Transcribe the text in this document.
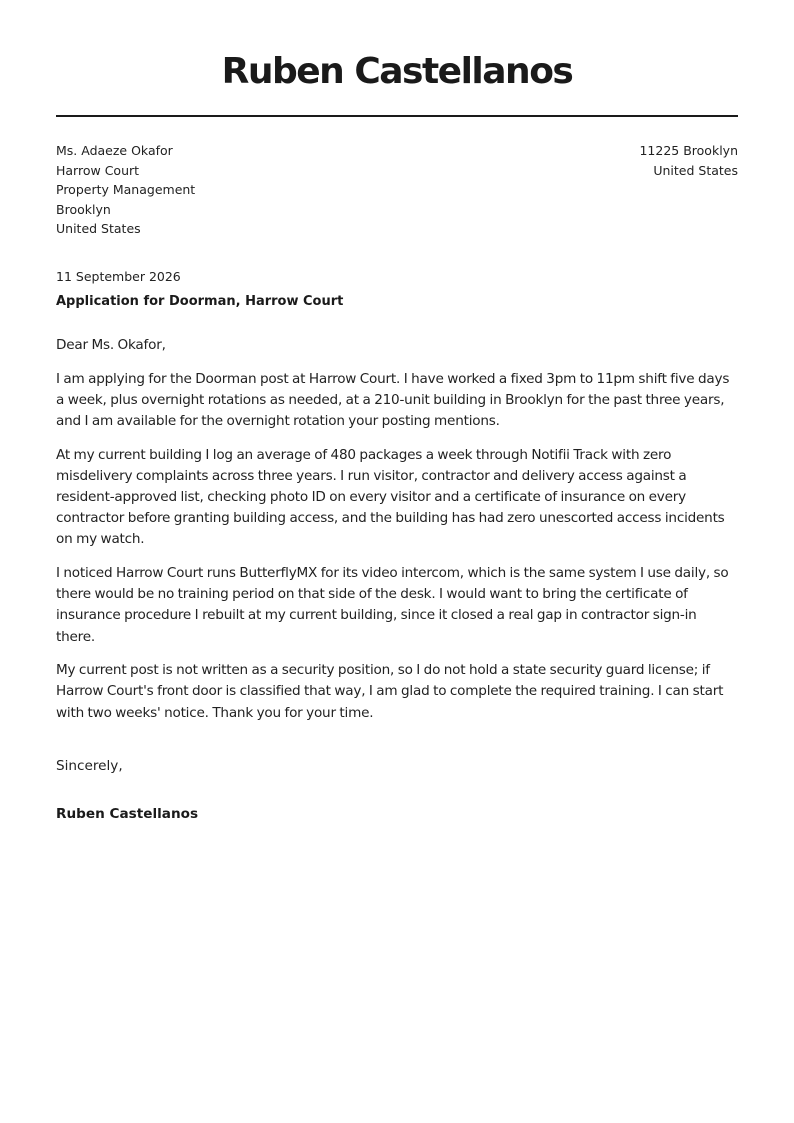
Ruben Castellanos
Ms. Adaeze Okafor
Harrow Court
Property Management
Brooklyn
United States
11225 Brooklyn
United States
11 September 2026
Application for Doorman, Harrow Court

Dear Ms. Okafor,

I am applying for the Doorman post at Harrow Court. I have worked a fixed 3pm to 11pm shift five days a week, plus overnight rotations as needed, at a 210-unit building in Brooklyn for the past three years, and I am available for the overnight rotation your posting mentions.

At my current building I log an average of 480 packages a week through Notifii Track with zero misdelivery complaints across three years. I run visitor, contractor and delivery access against a resident-approved list, checking photo ID on every visitor and a certificate of insurance on every contractor before granting building access, and the building has had zero unescorted access incidents on my watch.

I noticed Harrow Court runs ButterflyMX for its video intercom, which is the same system I use daily, so there would be no training period on that side of the desk. I would want to bring the certificate of insurance procedure I rebuilt at my current building, since it closed a real gap in contractor sign-in there.

My current post is not written as a security position, so I do not hold a state security guard license; if Harrow Court's front door is classified that way, I am glad to complete the required training. I can start with two weeks' notice. Thank you for your time.

Sincerely,
Ruben Castellanos
